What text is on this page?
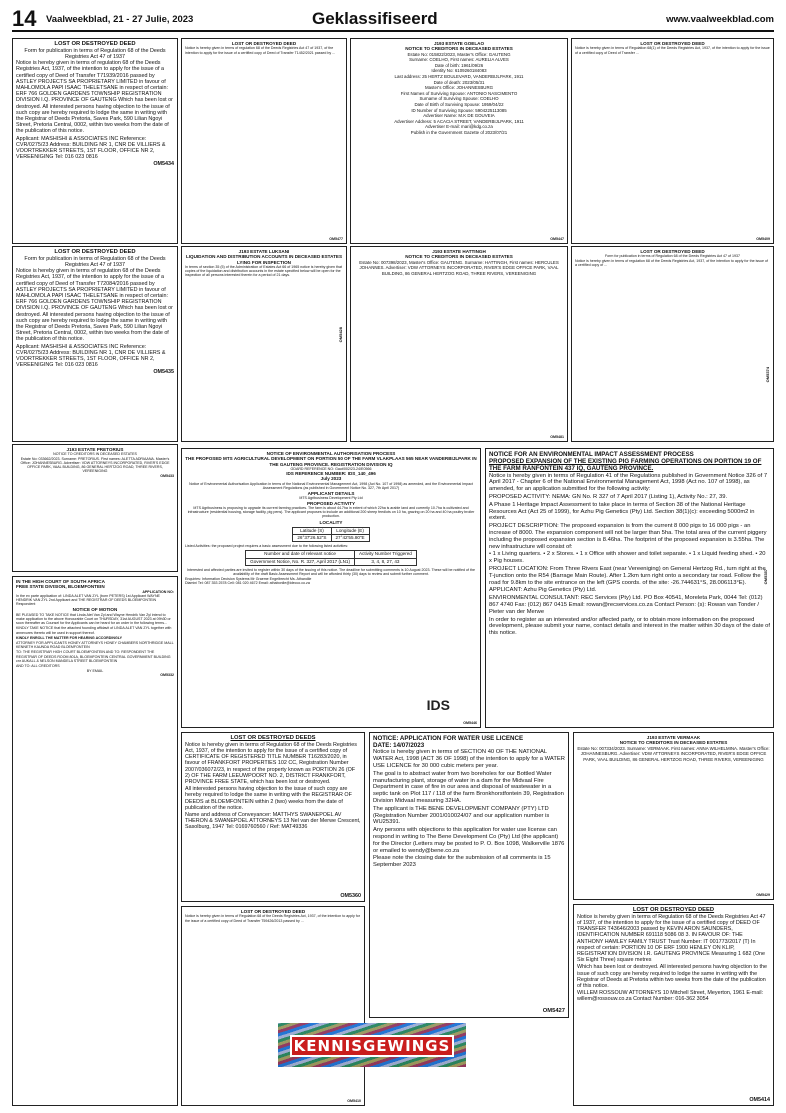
14 Vaalweekblad, 21 - 27 Julie, 2023	Geklassifiseerd	www.vaalweekblad.com
LOST OR DESTROYED DEED
Form for publication in terms of Regulation 68 of the Deeds Registries Act 47 of 1937

Notice is hereby given in terms of regulation 68 of the Deeds Registries Act, 1937, of the intention to apply for the issue of a certified copy of Deed of Transfer T71939/2016 passed by ASTLEY PROJECTS SA PROPRIETARY LIMITED in favour of MAHLOMOLA PAPI ISAAC THELETSANE in respect of certain: ERF 766 GOLDEN GARDENS TOWNSHIP REGISTRATION DIVISION I.Q. PROVINCE OF GAUTENG Which has been lost or destroyed. All interested persons having objection to the issue of such copy are hereby required to lodge the same in writing with the Registrar of Deeds Pretoria, Saves Park, 590 Lilian Ngoyi Street, Pretoria Central, 0002, within two weeks from the date of the publication of this notice.

Applicant: MASHISHI & ASSOCIATES INC Reference: CVR/0275/23 Address: BUILDING NR 1, CNR DE VILLIERS & VOORTREKKER STREETS, 1ST FLOOR, OFFICE NR 2, VEREENIGING Tel: 016 023 0816

OM5434
LOST OR DESTROYED DEED
Form for publication in terms of Regulation 68 of the Deeds Registries Act 47 of 1937

Notice is hereby given in terms of regulation 68 of the Deeds Registries Act, 1937, of the intention to apply for the issue of a certified copy of Deed of Transfer T72084/2016 passed by ASTLEY PROJECTS SA PROPRIETARY LIMITED in favour of MAHLOMOLA PAPI ISAAC THELETSANE in respect of certain: ERF 766 GOLDEN GARDENS TOWNSHIP REGISTRATION DIVISION I.Q. PROVINCE OF GAUTENG Which has been lost or destroyed. All interested persons having objection to the issue of such copy are hereby required to lodge the same in writing with the Registrar of Deeds Pretoria, Saves Park, 590 Lilian Ngoyi Street, Pretoria Central, 0002, within two weeks from the date of the publication of this notice.

Applicant: MASHISHI & ASSOCIATES INC Reference: CVR/0275/23 Address: BUILDING NR 1, CNR DE VILLIERS & VOORTREKKER STREETS, 1ST FLOOR, OFFICE NR 2, VEREENIGING Tel: 016 023 0816

OM5435
J193 ESTATE PRETORIUS
NOTICE TO CREDITORS IN DECEASED ESTATES

Estate No: 033662/2023. Surname: PRETORIUS. First names: ALETTA ADRIAANA. Master's Office: JOHANNESBURG. Advertiser: VDW ATTORNEYS INCORPORATED, RIVER'S EDGE OFFICE PARK, VAAL BUILDING, 86 GENERAL HERTZOG ROAD, THREE RIVERS, VEREENIGING

OM5433
IN THE HIGH COURT OF SOUTH AFRICA
FREE STATE DIVISION, BLOEMFONTEIN
APPLICATION NO:

In the ex parte application of: LINDA ALET VAN ZYL (born PETERS) 1st Applicant WAYNE HENDRIK VAN ZYL 2nd Applicant and THE REGISTRAR OF DEEDS BLOEMFONTEIN Respondent

NOTICE OF MOTION

BE PLEASED TO TAKE NOTICE that Linda Alet Van Zyl and Wayne Hendrik Van Zyl intend to make application to the above Honourable Court on THURSDAY, 31st AUGUST 2023 at 09h30 or soon thereafter as Counsel for the Applicants can be heard for an order in the following terms...

KINDLY TAKE NOTICE that the attached founding affidavit of LINDA ALET VAN ZYL together with annexures thereto will be used in support thereof.

KINDLY ENROLL THE MATTER FOR HEARING ACCORDINGLY

ATTORNEY FOR APPLICANTS HONEY ATTORNEYS HONEY CHAMBERS NORTHRIDGE MALL KENNETH KAUNDA ROAD BLOEMFONTEIN

TO: THE REGISTRAR HIGH COURT BLOEMFONTEIN AND TO: RESPONDENT THE REGISTRAR OF DEEDS ROOM 801A, BLOEMFONTEIN CENTRAL GOVERNMENT BUILDING cnr AUKALL & NELSON MANDELA STREET BLOEMFONTEIN

AND TO: ALL CREDITORS

BY EMAIL
OM5332
LOST OR DESTROYED DEED

Notice is hereby given in terms of regulation 68 of the Deeds Registries Act 47 of 1937, of the intention to apply for the issue of a certified copy of Deed of Transfer T1452/2021 passed by ...

OM5477
J193 ESTATE LUKSANI
LIQUIDATION AND DISTRIBUTION ACCOUNTS IN DECEASED ESTATES LYING FOR INSPECTION

In terms of section 35 (5) of the Administration of Estates Act 66 of 1965 notice is hereby given that copies of the liquidation and distribution accounts in the estate specified below will be open for the inspection of all persons interested therein for a period of 21 days.

OM5428
J193 ESTATE GOELAO
NOTICE TO CREDITORS IN DECEASED ESTATES
Estate No: 015822/2023, Master's Office: GAUTENG
Surname: COELHO, First names: AURELIA ALVES
Date of birth: 1961/09/26
Identity No: 6109260184083
Last address: 25 HERTZ BOULEVARD, VANDERBIJLPARK, 1911
Date of death: 2023/05/31
Master's Office: JOHANNESBURG
First Names of Surviving Spouse: ANTONIO NASCIMENTO
Surname of Surviving Spouse: COELHO
Date of Birth of Surviving Spouse: 1959/04/22
ID Number of Surviving Spouse: 5904225113085
Advertiser Name: M.K DE GOUVEIA
Advertiser Address: 5 ACACIA STREET, VANDERBIJLPARK, 1911
Advertiser E-mail: mari@kdg.co.za
Publish in the Government Gazette of 2023/07/21
OM5447
J193 ESTATE HATTINGH
NOTICE TO CREDITORS IN DECEASED ESTATES

Estate No: 007398/2023, Master's Office: GAUTENG. Surname: HATTINGH, First names: HERCULES JOHANNES. Advertiser: VDW ATTORNEYS INCORPORATED, RIVER'S EDGE OFFICE PARK, VAAL BUILDING, 86 GENERAL HERTZOG ROAD, THREE RIVERS, VEREENIGING

OM5481
LOST OR DESTROYED DEED

Notice is hereby given in terms of Regulation 68(1) of the Deeds Registries Act, 1937, of the intention to apply for the issue of a certified copy of Deed of Transfer ...

OM5409
LOST OR DESTROYED DEED
Form for publication in terms of Regulation 68 of the Deeds Registries Act 47 of 1937

Notice is hereby given in terms of regulation 68 of the Deeds Registries Act, 1937, of the intention to apply for the issue of a certified copy of ...

OM5374
NOTICE OF ENVIRONMENTAL AUTHORISATION PROCESS
THE PROPOSED MTS AGRICULTURAL DEVELOPMENT ON PORTION 50 OF THE FARM VLAKPLAAS 565 NEAR VANDERBIJLPARK IN THE GAUTENG PROVINCE. REGISTRATION DIVISION IQ
GDARD REFERENCE NO: Gaut/002/23-24/E0566
IDS REFERENCE NUMBER: IDS_140_496
July 2023

Notice of Environmental Authorisation Application in terms of the National Environmental Management Act, 1998 (Act No. 107 of 1998) as amended, and the Environmental Impact Assessment Regulations (as published in Government Notice No. 327, 7th April 2017)

APPLICANT DETAILS
MTS Agribusiness Development Pty Ltd
PROPOSED ACTIVITY

MTS Agribusiness is proposing to upgrade its current farming practices. The farm is about 44.7ha in extent of which 22ha is arable land and currently 10.7ha is cultivated and infrastructure (residential housing, storage facility, pig pens). The applicant proposes to include an additional 200 sheep feedlots on 10 ha, grazing on 20 ha and 40 ha poultry broiler production.

LOCALITY
Latitude (S)	Longitude (E)
26°37'26.52"S	27°42'55.80"E

Listed Activities: the proposed project requires a basic assessment due to the following listed activities:

Number and date of relevant notice	Activity Number Triggered
Government Notice, No. R. 327, April 2017 (LN1)	3, 4, 8, 27, 43

Interested and affected parties are invited to register within 30 days of the issuing of this notice. The deadline for submitting comments is 10 August 2023. These will be notified of the availability of the draft Basic Assessment Report and will be afforded thirty (30) days to review and submit further comment.

Enquiries: Information Decision Systems Mr Graeme Engelbrecht Ms. Athandile Dlamini Tel: 087 353 2578 Cell: 081 020 4672 Email: athabonlle@idecco.co.za

IDS
OM5446
NOTICE FOR AN ENVIRONMENTAL IMPACT ASSESSMENT PROCESS
PROPOSED EXPANSION OF THE EXISTING PIG FARMING OPERATIONS ON PORTION 19 OF THE FARM RANFONTEIN 437 IQ, GAUTENG PROVINCE.

Notice is hereby given in terms of Regulation 41 of the Regulations published in Government Notice 326 of 7 April 2017 - Chapter 6 of the National Environmental Management Act, 1998 (Act no. 107 of 1998), as amended, for an application submitted for the following activity:

PROPOSED ACTIVITY: NEMA: GN No. R 327 of 7 April 2017 (Listing 1), Activity No.: 27, 39.

A Phase 1 Heritage Impact Assessment to take place in terms of Section 38 of the National Heritage Resources Act (Act 25 of 1999), for Azhu Pig Genetics (Pty) Ltd. Section 38(1)(c): exceeding 5000m2 in extent.

PROJECT DESCRIPTION: The proposed expansion is from the current 8 000 pigs to 16 000 pigs - an increase of 8000. The expansion component will not be larger than 5ha. The total area of the current piggery including the proposed expansion section is 8.46ha. The footprint of the proposed expansion is 3.55ha. The new infrastructure will consist of:

• 1 x Living quarters. • 2 x Stores. • 1 x Office with shower and toilet separate. • 1 x Liquid feeding shed. • 20 x Pig houses.

PROJECT LOCATION: From Three Rivers East (near Vereeniging) on General Hertzog Rd., turn right at the T-junction onto the R54 (Barrage Main Route). After 1.2km turn right onto a secondary tar road. Follow the road for 9.8km to the site entrance on the left (GPS coords. of the site: -26.744631°S, 28.006113°E).

APPLICANT: Azhu Pig Genetics (Pty) Ltd.

ENVIRONMENTAL CONSULTANT: REC Services (Pty) Ltd. PO Box 40541, Moreleta Park, 0044 Tel: (012) 867 4740 Fax: (012) 867 0415 Email: rowan@recservices.co.za Contact Person: (s): Rowan van Tonder / Pieter van der Merwe

In order to register as an interested and/or affected party, or to obtain more information on the proposed development, please submit your name, contact details and interest in the matter within 30 days of the date of this notice.

OM5357
LOST OR DESTROYED DEEDS

Notice is hereby given in terms of Regulation 68 of the Deeds Registries Act, 1937, of the intention to apply for the issue of a certified copy of CERTIFICATE OF REGISTERED TITLE NUMBER T16283/2020, in favour of FRANKFORT PROPERTIES 102 CC, Registration Number 2007/036072/23, in respect of the property known as PORTION 26 (OF 2) OF THE FARM LEEUWPOORT NO. 2, DISTRICT FRANKFORT, PROVINCE FREE STATE, which has been lost or destroyed.

All interested persons having objection to the issue of such copy are hereby required to lodge the same in writing with the REGISTRAR OF DEEDS at BLOEMFONTEIN within 2 (two) weeks from the date of publication of the notice.

Name and address of Conveyancer: MATTHYS SWANEPOEL AV THERON & SWANEPOEL ATTORNEYS 13 Nel van der Merwe Crescent, Sasolburg, 1947 Tel: 0169760560 / Ref: MAT49336

OM5360
LOST OR DESTROYED DEED

Notice is hereby given in terms of Regulation 68 of the Deeds Registries Act, 1937, of the intention to apply for the issue of a certified copy of Deed of Transfer T59426/2013 passed by ...

OM5410
NOTICE: APPLICATION FOR WATER USE LICENCE
DATE: 14/07/2023

Notice is hereby given in terms of SECTION 40 OF THE NATIONAL WATER Act, 1998 (ACT 36 OF 1998) of the intention to apply for a WATER USE LICENCE for 30 000 cubic meters per year.

The goal is to abstract water from two boreholes for our Bottled Water manufacturing plant, storage of water in a dam for the Midvaal Fire Department in case of fire in our area and disposal of wastewater in a septic tank on Plot 117 / 118 of the farm Bronkhorstfontein 39, Registration Division Midvaal measuring 32HA.

The applicant is THE BENE DEVELOPMENT COMPANY (PTY) LTD (Registration Number 2001/010024/07 and our application number is WU25391.

Any persons with objections to this application for water use license can respond in writing to The Bene Development Co (Pty) Ltd (the applicant) for the Director (Letters may be posted to P. O. Box 1098, Walkerville 1876 or emailed to wendy@bene.co.za

Please note the closing date for the submission of all comments is 15 September 2023

OM5427
J193 ESTATE VERMAAK
NOTICE TO CREDITORS IN DECEASED ESTATES

Estate No: 007334/2023. Surname: VERMAAK. First names: ANNA WILHELMINA. Master's Office: JOHANNESBURG. Advertiser: VDW ATTORNEYS INCORPORATED, RIVER'S EDGE OFFICE PARK, VAAL BUILDING, 86 GENERAL HERTZOG ROAD, THREE RIVERS, VEREENIGING

OM5429
LOST OR DESTROYED DEED

Notice is hereby given in terms of Regulation 68 of the Deeds Registries Act 47 of 1937, of the intention to apply for the issue of a certified copy of DEED OF TRANSFER T43646/2003 passed by KEVIN ARON SAUNDERS, IDENTIFICATION NUMBER 691118 5086 08 3. IN FAVOUR OF: THE ANTHONY HAMLEY FAMILY TRUST Trust Number: IT 001773/2017 (T) In respect of certain: PORTION 10 OF ERF 1900 HENLEY ON KLIP, REGISTRATION DIVISION I.R. GAUTENG PROVINCE Measuring 1 682 (One Six Eight Three) square metres

Which has been lost or destroyed. All interested persons having objection to the issue of such copy are hereby required to lodge the same in writing with the Registrar of Deeds at Pretoria within two weeks from the date of the publication of this notice.

WILLEM ROSSOUW ATTORNEYS 10 Mitchell Street, Meyerton, 1961 E-mail: willem@rossouw.co.za Contact Number: 016-362 3054

OM5414
KENNISGEWINGS
